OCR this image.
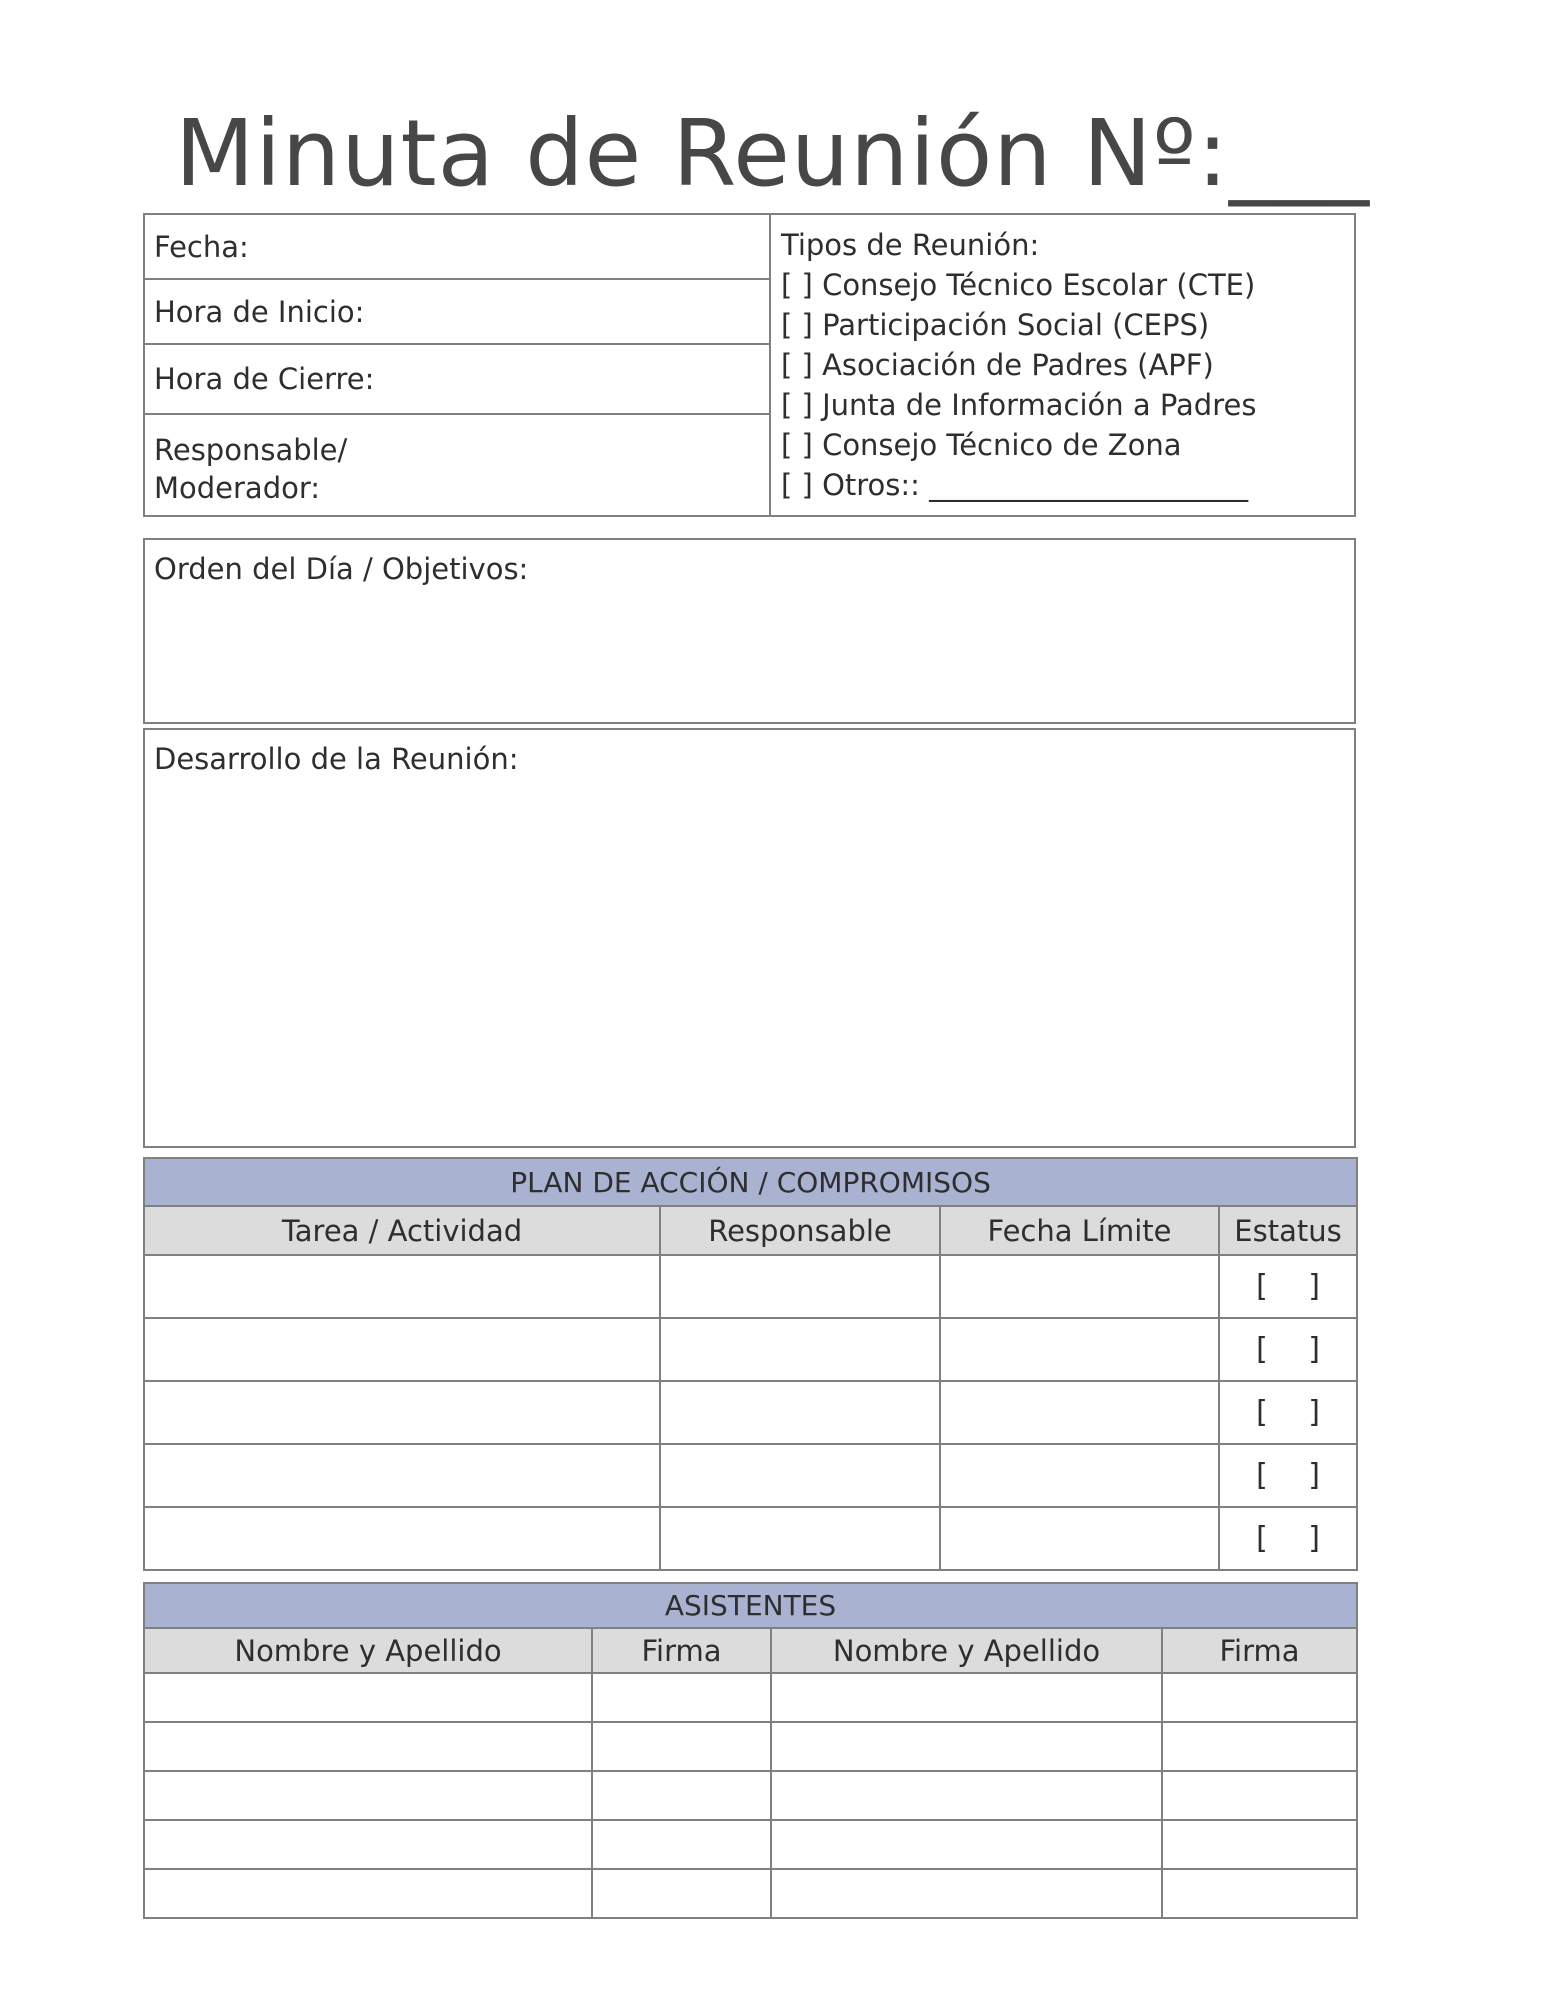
Minuta de Reunión Nº:___
Fecha:
Hora de Inicio:
Hora de Cierre:
Responsable/
Moderador:
Tipos de Reunión:
[ ] Consejo Técnico Escolar (CTE)
[ ] Participación Social (CEPS)
[ ] Asociación de Padres (APF)
[ ] Junta de Información a Padres
[ ] Consejo Técnico de Zona
[ ] Otros:: ______________________
Orden del Día / Objetivos:
Desarrollo de la Reunión:
PLAN DE ACCIÓN / COMPROMISOS			
Tarea / Actividad	Responsable	Fecha Límite	Estatus
			[  ]
			[  ]
			[  ]
			[  ]
			[  ]
ASISTENTES			
Nombre y Apellido	Firma	Nombre y Apellido	Firma
